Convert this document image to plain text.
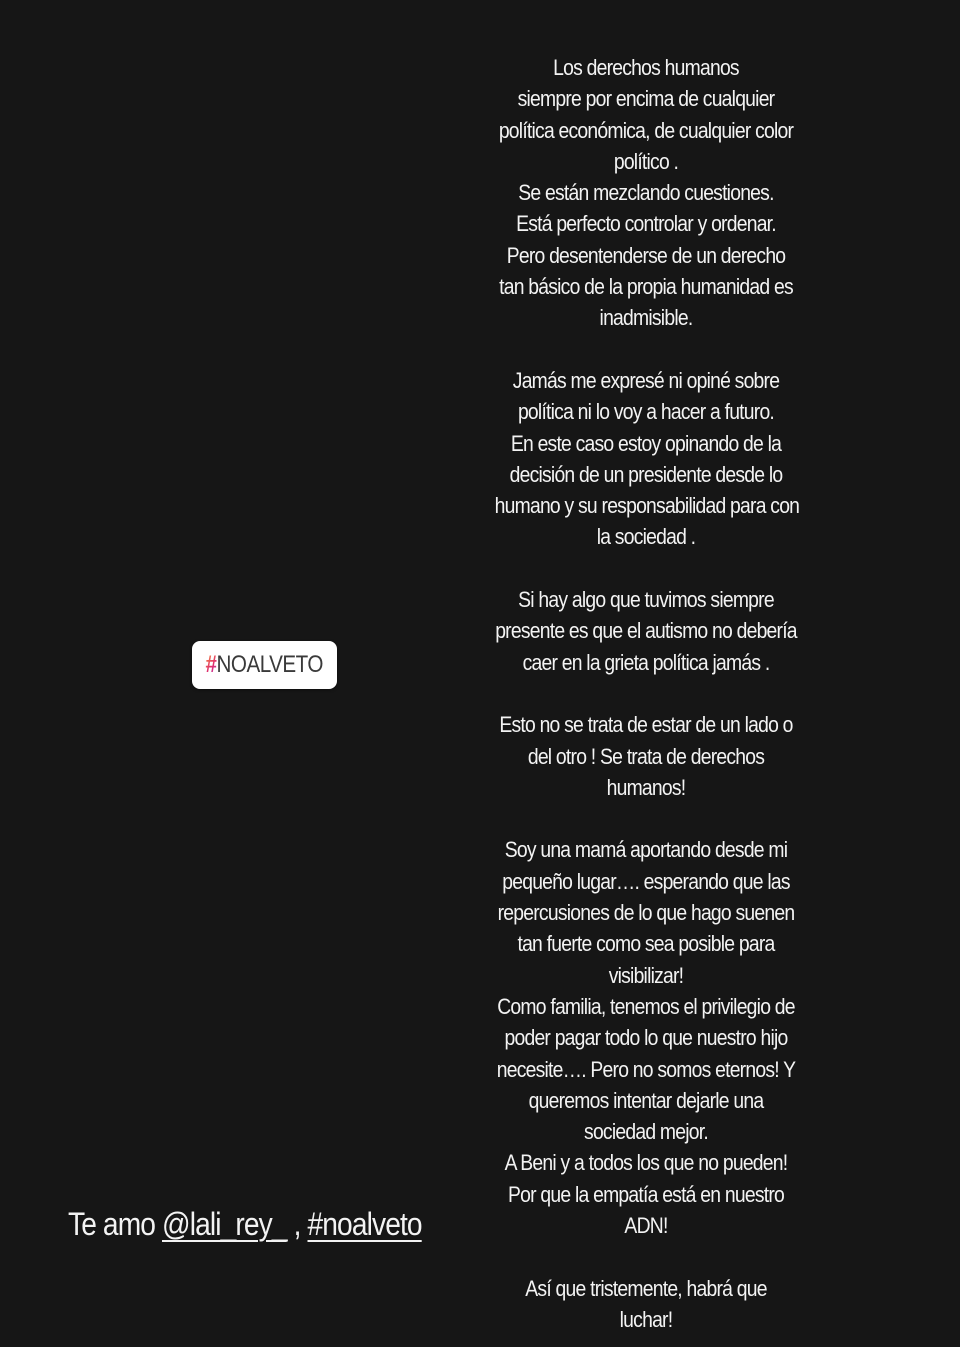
Los derechos humanos
siempre por encima de cualquier
política económica, de cualquier color
político .
Se están mezclando cuestiones.
Está perfecto controlar y ordenar.
Pero desentenderse de un derecho
tan básico de la propia humanidad es
inadmisible.
Jamás me expresé ni opiné sobre
política ni lo voy a hacer a futuro.
En este caso estoy opinando de la
decisión de un presidente desde lo
humano y su responsabilidad para con
la sociedad .
Si hay algo que tuvimos siempre
presente es que el autismo no debería
caer en la grieta política jamás .
Esto no se trata de estar de un lado o
del otro ! Se trata de derechos
humanos!
Soy una mamá aportando desde mi
pequeño lugar…. esperando que las
repercusiones de lo que hago suenen
tan fuerte como sea posible para
visibilizar!
Como familia, tenemos el privilegio de
poder pagar todo lo que nuestro hijo
necesite…. Pero no somos eternos! Y
queremos intentar dejarle una
sociedad mejor.
A Beni y a todos los que no pueden!
Por que la empatía está en nuestro
ADN!
Así que tristemente, habrá que
luchar!

#NOALVETO
Te amo @lali_rey_ , #noalveto
